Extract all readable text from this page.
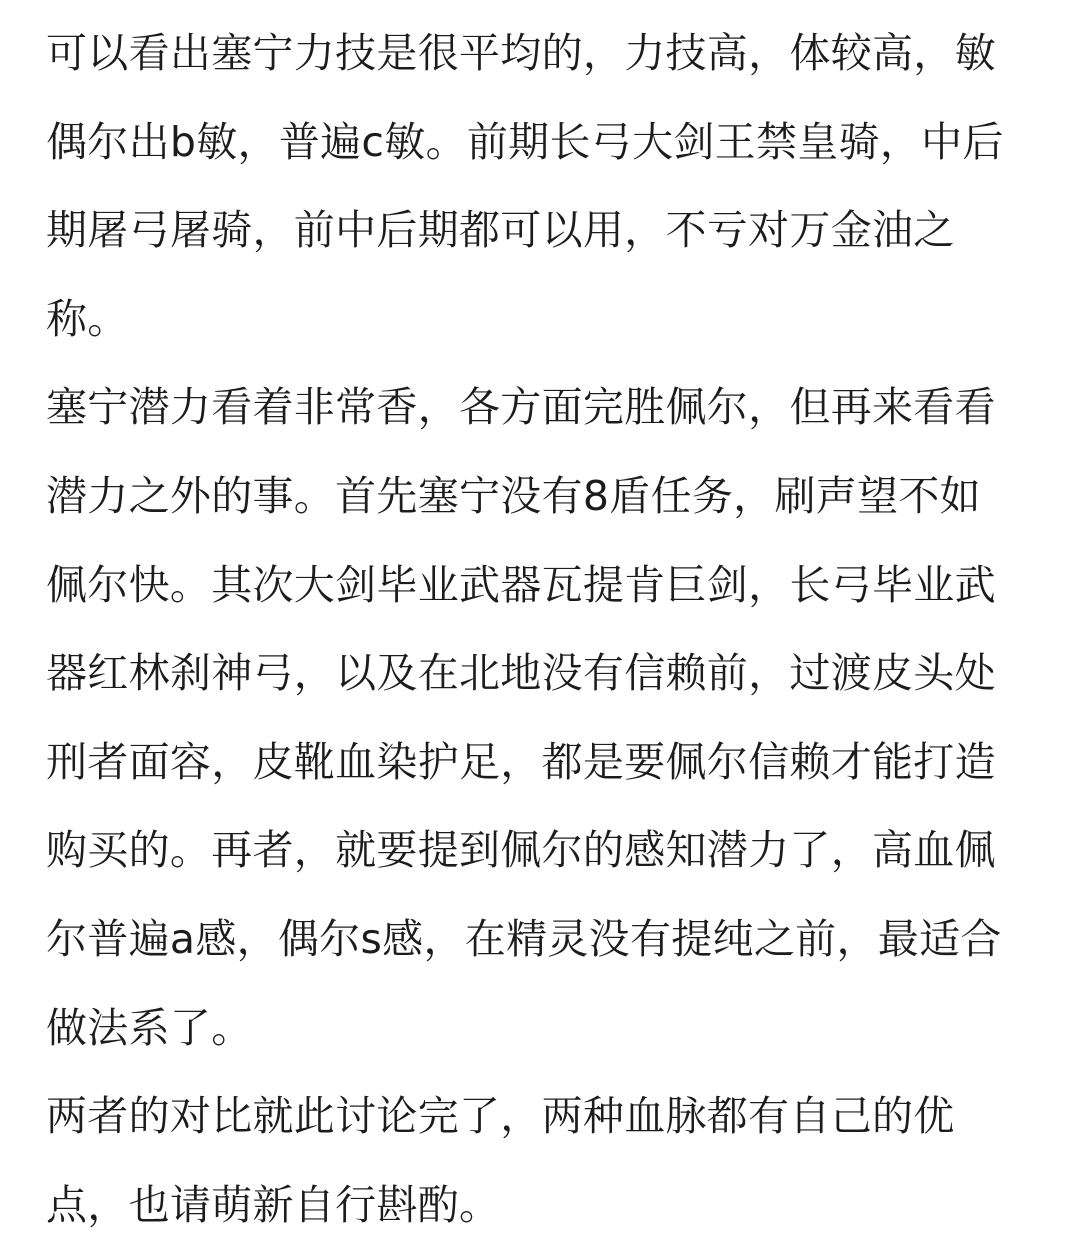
可以看出塞宁力技是很平均的，力技高，体较高，敏
偶尔出b敏，普遍c敏。前期长弓大剑王禁皇骑，中后
期屠弓屠骑，前中后期都可以用，不亏对万金油之
称。

塞宁潜力看着非常香，各方面完胜佩尔，但再来看看
潜力之外的事。首先塞宁没有8盾任务，刷声望不如
佩尔快。其次大剑毕业武器瓦提肯巨剑，长弓毕业武
器红林刹神弓，以及在北地没有信赖前，过渡皮头处
刑者面容，皮靴血染护足，都是要佩尔信赖才能打造
购买的。再者，就要提到佩尔的感知潜力了，高血佩
尔普遍a感，偶尔s感，在精灵没有提纯之前，最适合
做法系了。

两者的对比就此讨论完了，两种血脉都有自己的优
点，也请萌新自行斟酌。
